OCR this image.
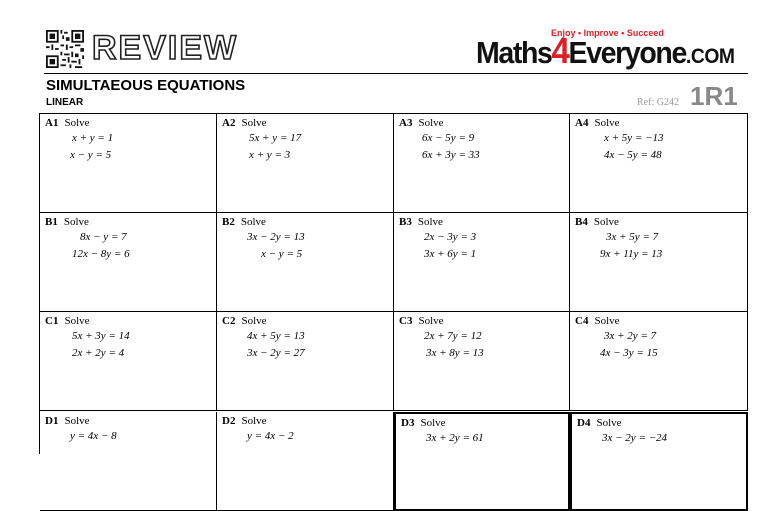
REVIEW	Enjoy • Improve • Succeed
Maths4Everyone.COM
SIMULTAEOUS EQUATIONS
LINEAR	Ref: G242 1R1
A1 Solve
x + y = 1
x − y = 5
A2 Solve
5x + y = 17
x + y = 3
A3 Solve
6x − 5y = 9
6x + 3y = 33
A4 Solve
x + 5y = −13
4x − 5y = 48
B1 Solve
8x − y = 7
12x − 8y = 6
B2 Solve
3x − 2y = 13
x − y = 5
B3 Solve
2x − 3y = 3
3x + 6y = 1
B4 Solve
3x + 5y = 7
9x + 11y = 13
C1 Solve
5x + 3y = 14
2x + 2y = 4
C2 Solve
4x + 5y = 13
3x − 2y = 27
C3 Solve
2x + 7y = 12
3x + 8y = 13
C4 Solve
3x + 2y = 7
4x − 3y = 15
D1 Solve
y = 4x − 8
D2 Solve
y = 4x − 2
D3 Solve
3x + 2y = 61
D4 Solve
3x − 2y = −24
